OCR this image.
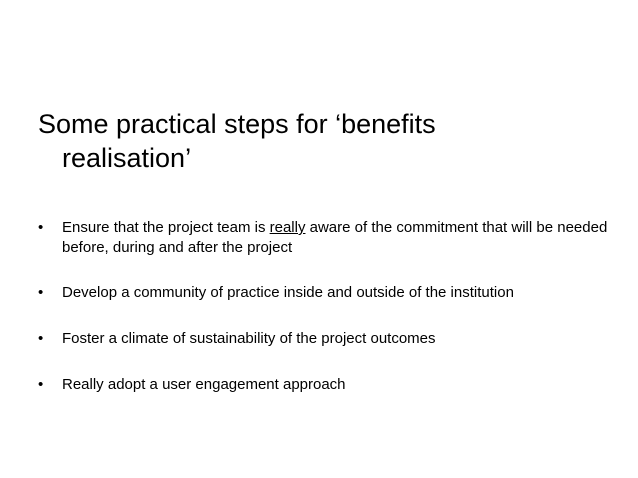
Some practical steps for ‘benefits
realisation’
•	Ensure that the project team is really aware of the commitment that will be needed before, during and after the project
•	Develop a community of practice inside and outside of the institution
•	Foster a climate of sustainability of the project outcomes
•	Really adopt a user engagement approach
